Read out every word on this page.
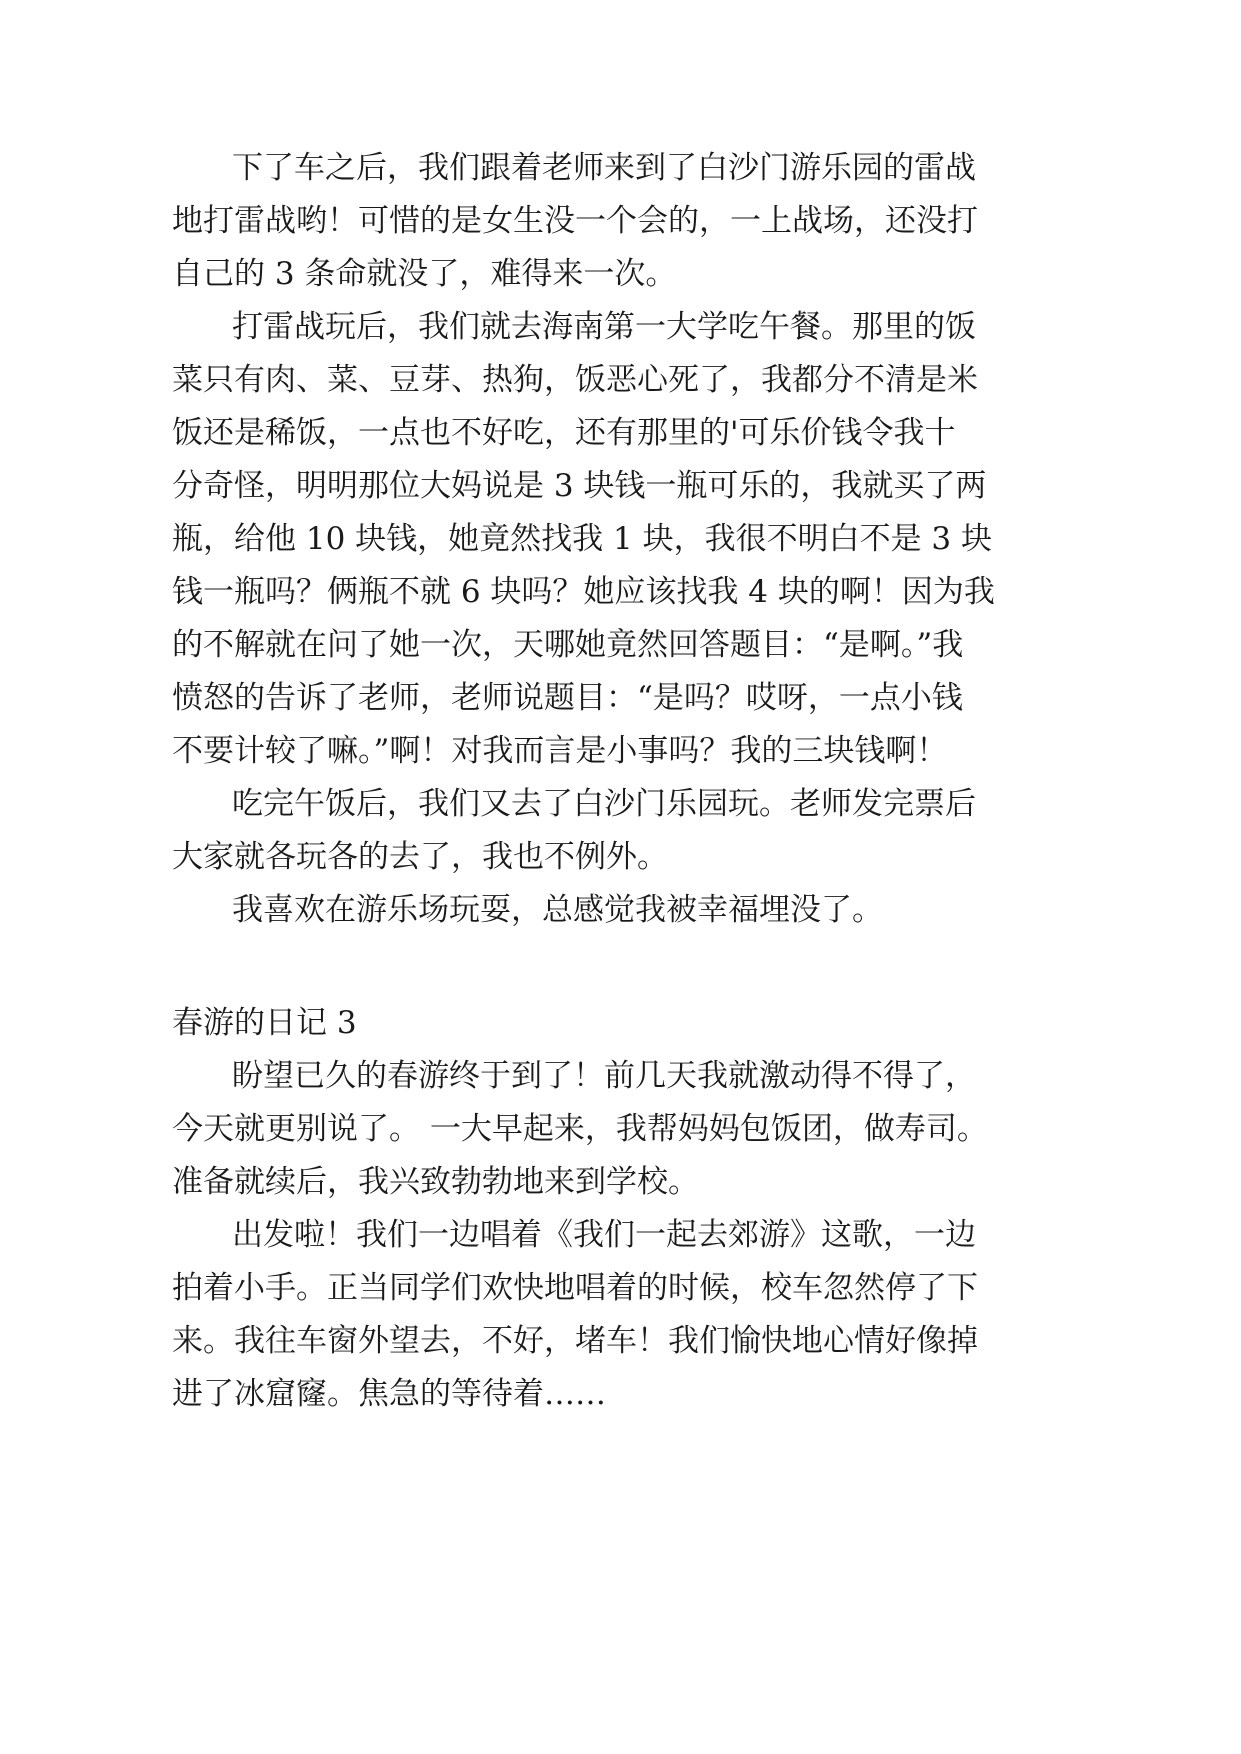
下了车之后，我们跟着老师来到了白沙门游乐园的雷战

地打雷战哟！可惜的是女生没一个会的，一上战场，还没打

自己的 3 条命就没了，难得来一次。

打雷战玩后，我们就去海南第一大学吃午餐。那里的饭

菜只有肉、菜、豆芽、热狗，饭恶心死了，我都分不清是米

饭还是稀饭，一点也不好吃，还有那里的'可乐价钱令我十

分奇怪，明明那位大妈说是 3 块钱一瓶可乐的，我就买了两

瓶，给他 10 块钱，她竟然找我 1 块，我很不明白不是 3 块

钱一瓶吗？俩瓶不就 6 块吗？她应该找我 4 块的啊！因为我

的不解就在问了她一次，天哪她竟然回答题目：“是啊。”我

愤怒的告诉了老师，老师说题目：“是吗？哎呀，一点小钱

不要计较了嘛。”啊！对我而言是小事吗？我的三块钱啊！

吃完午饭后，我们又去了白沙门乐园玩。老师发完票后

大家就各玩各的去了，我也不例外。

我喜欢在游乐场玩耍，总感觉我被幸福埋没了。

春游的日记 3

盼望已久的春游终于到了！前几天我就激动得不得了，

今天就更别说了。 一大早起来，我帮妈妈包饭团，做寿司。

准备就续后，我兴致勃勃地来到学校。

出发啦！我们一边唱着《我们一起去郊游》这歌，一边

拍着小手。正当同学们欢快地唱着的时候，校车忽然停了下

来。我往车窗外望去，不好，堵车！我们愉快地心情好像掉

进了冰窟窿。焦急的等待着……
